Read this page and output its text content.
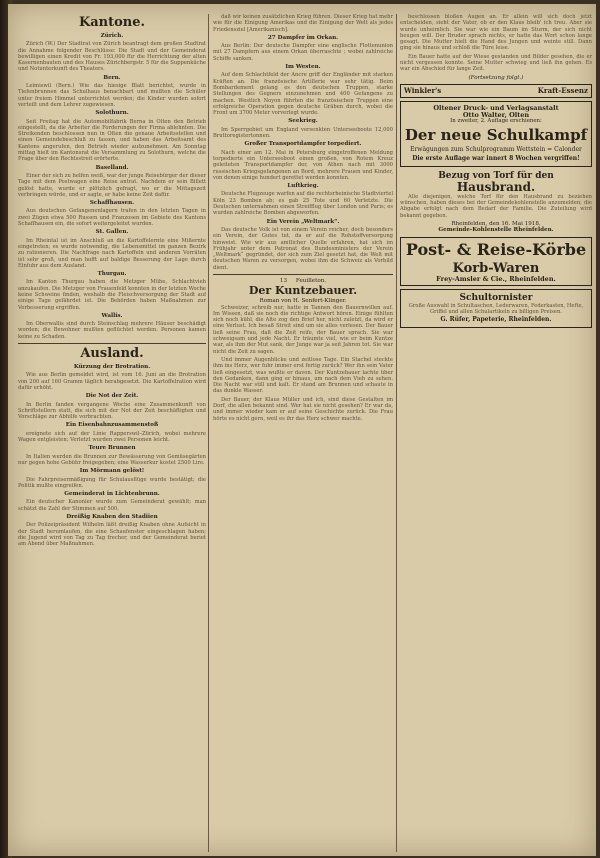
Kantone.
Zürich.

Zürich (W.) Der Stadtrat von Zürich beantragt dem großen Stadtrat die Annahme folgender Beschlüsse: Die Stadt und der Gemeinderat bewilligen einen Kredit von Fr. 193,000 für die Herrichtung der alten Kasernenbauten und des Hauses Zürichbergstr. 5 für die Suppenküche und Notunterkunft des Theaters.

Bern.

Leimiswil (Bern.) Wie das hiesige Blatt berichtet, wurde in Tiefenbrunnen das Schulhaus benachbart und mußten die Schüler unter freiem Himmel unterrichtet werden; die Kinder wurden sofort verteilt und dem Lehrer zugewiesen.

Solothurn.

Seit Freitag hat die Automobilfabrik Berna in Olten den Betrieb eingestellt, da die Arbeiter die Forderungen der Firma ablehnten. Die Streikenden beschlossen nun in Olten die genaue Arbeitsstellen und einen Gemeindebeschluß zu fassen, und haben das Arbeitsamt des Kantons angerufen, den Betrieb wieder aufzunehmen. Am Sonntag mittag hielt im Kantonsrat die Versammlung zu Solothurn, welche die Frage über den Rechtsstreit erörterte.

Baselland.

Einer der sich zu helfen weiß, war der junge Reisebürger der dieser Tage mit dem Postwagen eine Reise antrat. Nachdem er sein Billett gelöst hatte, wurde er plötzlich gefragt, wo er die Mittagszeit verbringen würde, und er sagte, er habe keine Zeit dafür.

Schaffhausen.

Aus deutschen Gefangenenlagern trafen in den letzten Tagen in zwei Zügen etwa 500 Russen und Franzosen im Gebiete des Kantons Schaffhausen ein, die sofort weitergeleitet wurden.

St. Gallen.

Im Rheintal ist im Anschluß an die Kartoffelernte eine Mißernte eingetreten; es wurde notwendig, die Lebensmittel im ganzen Bezirk zu rationieren. Die Nachfrage nach Kartoffeln und anderen Vorräten ist sehr groß, und man hofft auf baldige Besserung der Lage durch Einfuhr aus dem Ausland.

Thurgau.

Im Kanton Thurgau haben die Metzger Mühe, Schlachtvieh anzukaufen. Die Metzger von Frauenfeld konnten in der letzten Woche keine Schweine finden, weshalb die Fleischversorgung der Stadt auf einige Tage gefährdet ist. Die Behörden haben Maßnahmen zur Verbesserung ergriffen.

Wallis.

Im Oberwallis sind durch Steinschlag mehrere Häuser beschädigt worden; die Bewohner mußten geflüchtet werden. Personen kamen keine zu Schaden.

Ausland.
Kürzung der Brotration.

Wie aus Berlin gemeldet wird, ist vom 16. Juni an die Brotration von 200 auf 160 Gramm täglich herabgesetzt. Die Kartoffelration wird dafür erhöht.

Die Not der Zeit.

In Berlin fanden vergangene Woche eine Zusammenkunft von Schriftstellern statt, die sich mit der Not der Zeit beschäftigten und Vorschläge zur Abhilfe vorbrachten.

Ein Eisenbahnzusammenstoß

ereignete sich auf der Linie Rapperswil–Zürich, wobei mehrere Wagen entgleisten; Verletzt wurden zwei Personen leicht.

Teure Brunnen

In Italien werden die Brunnen zur Bewässerung von Gemüsegärten nur gegen hohe Gebühr freigegeben; eine Wasserkur kostet 2500 Lire.

Im Mörmann gelöst!

Die Fahrpreisermäßigung für Schulausflüge wurde bestätigt; die Politik mußte eingreifen.

Gemeinderat in Lichtenbrunn.

Ein deutscher Kanonier wurde zum Gemeinderat gewählt; man schätzt die Zahl der Stimmen auf 500.

Dreißig Knaben den Stadiien

Der Polizeipräsident Wilhelm läßt dreißig Knaben ohne Aufsicht in der Stadt herumlaufen, die eine Schaufenster eingeschlagen haben; die Jugend wird von Tag zu Tag frecher, und der Gemeinderat beriet am Abend über Maßnahmen.

daß wir keinen zusätzlichen Krieg führen. Dieser Krieg hat mehr wie für die Einigung Amerikas und die Einigung der Welt als jedes Friedensziel [Amerikanisch].

27 Dampfer im Orkan.

Aus Berlin: Der deutsche Dampfer eine englische Flottenunion mit 27 Dampfern aus einem Orkan überraschte ; wobei zahlreiche Schiffe sanken.

Im Westen.

Auf dem Schlachtfeld der Ancre griff der Engländer mit starken Kräften an. Die französische Artillerie war sehr tätig. Beim Bombardement gelang es den deutschen Truppen, starke Stellungen des Gegners einzunehmen und 400 Gefangene zu machen. Westlich Noyon führten die französischen Truppen eine erfolgreiche Operation gegen deutsche Gräben durch, wobei die Front um 3700 Meter vorverlegt wurde.

Seekrieg.

Im Sperrgebiet um England versenkten Unterseeboote 12,000 Bruttoregistertonnen.

Großer Transportdampfer torpediert.

Nach einer am 12. Mai in Petersburg eingetroffenen Meldung torpedierte ein Unterseeboot einen großen, von Rotem Kreuz geleiteten Transportdampfer der, von Athen nach mit 3000 russischen Kriegsgefangenen an Bord, mehrere Frauen und Kinder, von denen einige hundert gerettet werden konnten.

Luftkrieg.

Deutsche Flugzeuge warfen auf die rechtsrheinische Stadtviertel Köln 23 Bomben ab; es gab 25 Tote und 60 Verletzte. Die Deutschen unternahmen einen Streifflug über London und Paris; es wurden zahlreiche Bomben abgeworfen.

Ein Verein „Weltmark“.

Das deutsche Volk ist von einem Verein reicher, doch besonders ein Verein, der Gutes tut, da er auf die Rohstoffversorgung hinweist. Wie wir aus amtlicher Quelle erfahren, hat sich im Frühjahr unter dem Patronat des Bundesministers der Verein „Weltmark“ gegründet, der sich zum Ziel gesetzt hat, die Welt mit deutschen Waren zu versorgen, wobei ihm die Schweiz als Vorbild dient.

13 Feuilleton.
Der Kuntzebauer.
Roman von H. Senfert-Klinger.

Schweizer, schreib nur, hatte in Tannen den Bauernwillen auf. Im Wissen, daß sie noch die richtige Antwort hören. Einige fühlten sich noch kühl, die Alte zog den Brief her, nicht zuletzt, da wird er eine Verlust. Ich besaß Streit sind um sie alles verlesen. Der Bauer ließ seine Frau, daß die Zeit reife, der Bauer sprach. Sie war schweigsam und jede Nacht. Er träumte viel, wie er beim Kuntze war, als ihm der Mut sank, der Junge war ja seit Jahren tot. Sie war nicht die Zeit zu sagen.

Und immer Augenblicke und zeitlose Tage. Ein Stachel steckte ihm ins Herz, wer fuhr immer erst fertig zurück? Wer ihn sein Vater ließ eingesetzt, was wußte er davon. Der Kuntzebauer lachte über den Gedanken, dann ging er hinaus, um nach dem Vieh zu sehen. Die Nacht war still und kalt. Er stand am Brunnen und schaute in das dunkle Wasser.

Der Bauer, der Klaus Müller und ich, sind diese Gestalten im Dorf, die allen bekannt sind. Wer hat sie nicht gesehen? Er war da, und immer wieder kam er auf seine Geschichte zurück. Die Frau hörte es nicht gern, weil es ihr das Herz schwer machte.

beschlossen bloßen Augen an. Er allein will sich doch jetzt entscheiden, sieht der Vater, ob er den Klaus bleib' ich treu. Aber sie wurde unheimlich. Sie war wie ein Baum im Sturm, der sich nicht beugen will. Der Bruder sprach nichts, er hatte das Wort schon lange gesagt. Die Mutter hielt die Hand des Jungen und weinte still. Dann ging sie hinaus und schloß die Türe leise.

Ein Bauer hatte auf der Wiese gestanden und Bilder gesehen, die er nicht vergessen konnte. Seine Mutter schwieg und ließ ihn gehen. Es war ein Abschied für lange Zeit.

(Fortsetzung folgt.)
Winkler's	Kraft-Essenz
Oltener Druck- und Verlagsanstalt
Otto Walter, Olten
In zweiter, 2. Auflage erschienen:
Der neue Schulkampf
Erwägungen zum Schulprogramm Wettstein = Calonder
Die erste Auflage war innert 8 Wochen vergriffen!
Bezug von Torf für den
Hausbrand.

Alle diejenigen, welche Torf für den Hausbrand zu beziehen wünschen, haben dieses bei der Gemeindekohlenstelle anzumelden; die Abgabe erfolgt nach dem Bedarf der Familie. Die Zuteilung wird bekannt gegeben.

Rheinfelden, den 16. Mai 1918.
Gemeinde-Kohlenstelle Rheinfelden.
Post- & Reise-Körbe
Korb-Waren
Frey-Amsler & Cie., Rheinfelden.
Schultornister

Große Auswahl in Schultaschen, Lederwaren, Federkasten, Hefte, Griffel und allen Schulartikeln zu billigen Preisen.

G. Rüfer, Papeterie, Rheinfelden.
